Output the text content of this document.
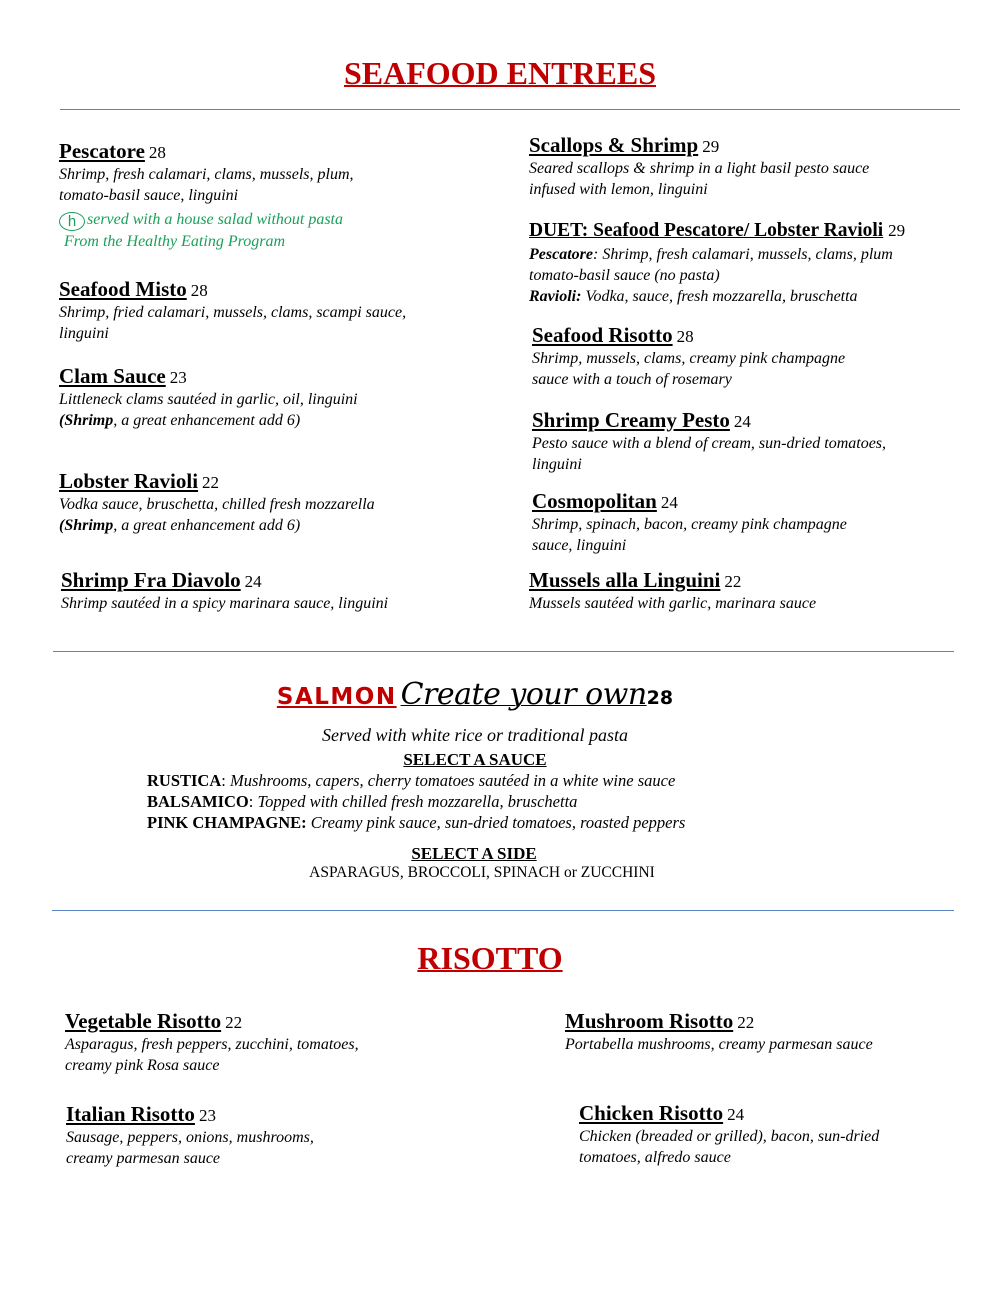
SEAFOOD ENTREES
Pescatore 28
Shrimp, fresh calamari, clams, mussels, plum,
tomato-basil sauce, linguini
h served with a house salad without pasta
From the Healthy Eating Program
Seafood Misto 28
Shrimp, fried calamari, mussels, clams, scampi sauce,
linguini
Clam Sauce 23
Littleneck clams sautéed in garlic, oil, linguini
(Shrimp, a great enhancement add 6)
Lobster Ravioli 22
Vodka sauce, bruschetta, chilled fresh mozzarella
(Shrimp, a great enhancement add 6)
Shrimp Fra Diavolo 24
Shrimp sautéed in a spicy marinara sauce, linguini
Scallops & Shrimp 29
Seared scallops & shrimp in a light basil pesto sauce
infused with lemon, linguini
DUET: Seafood Pescatore/ Lobster Ravioli 29
Pescatore: Shrimp, fresh calamari, mussels, clams, plum
tomato-basil sauce (no pasta)
Ravioli: Vodka, sauce, fresh mozzarella, bruschetta
Seafood Risotto 28
Shrimp, mussels, clams, creamy pink champagne
sauce with a touch of rosemary
Shrimp Creamy Pesto 24
Pesto sauce with a blend of cream, sun-dried tomatoes,
linguini
Cosmopolitan 24
Shrimp, spinach, bacon, creamy pink champagne
sauce, linguini
Mussels alla Linguini 22
Mussels sautéed with garlic, marinara sauce
SALMON Create your own28
Served with white rice or traditional pasta
SELECT A SAUCE
RUSTICA: Mushrooms, capers, cherry tomatoes sautéed in a white wine sauce
BALSAMICO: Topped with chilled fresh mozzarella, bruschetta
PINK CHAMPAGNE: Creamy pink sauce, sun-dried tomatoes, roasted peppers
SELECT A SIDE
ASPARAGUS, BROCCOLI, SPINACH or ZUCCHINI
RISOTTO
Vegetable Risotto 22
Asparagus, fresh peppers, zucchini, tomatoes,
creamy pink Rosa sauce
Mushroom Risotto 22
Portabella mushrooms, creamy parmesan sauce
Italian Risotto 23
Sausage, peppers, onions, mushrooms,
creamy parmesan sauce
Chicken Risotto 24
Chicken (breaded or grilled), bacon, sun-dried
tomatoes, alfredo sauce
